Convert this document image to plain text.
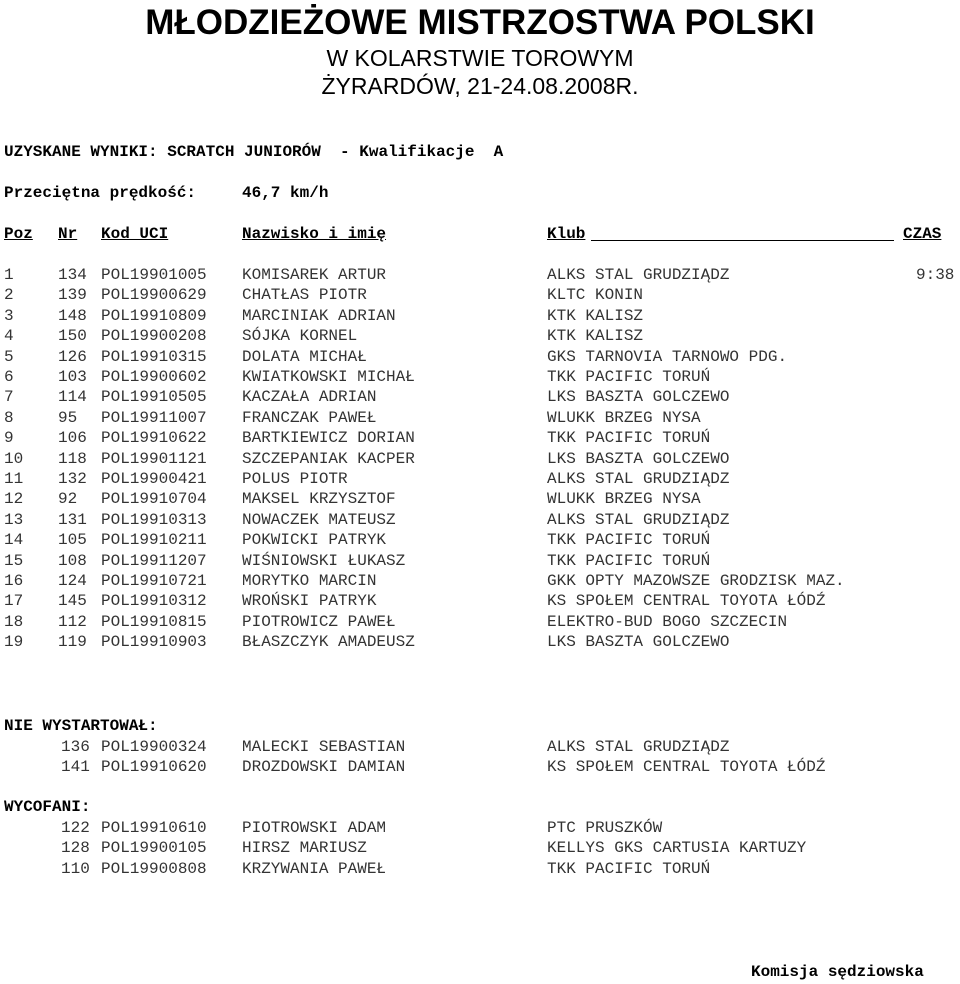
MŁODZIEŻOWE MISTRZOSTWA POLSKI
W KOLARSTWIE TOROWYM
ŻYRARDÓW, 21-24.08.2008R.
UZYSKANE WYNIKI: SCRATCH JUNIORÓW  - Kwalifikacje  A
Przeciętna prędkość:	46,7 km/h
Poz Nr Kod UCI	Nazwisko i imię	Klub	CZAS
1	134 POL19901005 KOMISAREK ARTUR	ALKS STAL GRUDZIĄDZ	9:38
2	139 POL19900629 CHATŁAS PIOTR	KLTC KONIN
3	148 POL19910809 MARCINIAK ADRIAN	KTK KALISZ
4	150 POL19900208 SÓJKA KORNEL	KTK KALISZ
5	126 POL19910315 DOLATA MICHAŁ	GKS TARNOVIA TARNOWO PDG.
6	103 POL19900602 KWIATKOWSKI MICHAŁ	TKK PACIFIC TORUŃ
7	114 POL19910505 KACZAŁA ADRIAN	LKS BASZTA GOLCZEWO
8	95 POL19911007 FRANCZAK PAWEŁ	WLUKK BRZEG NYSA
9	106 POL19910622 BARTKIEWICZ DORIAN	TKK PACIFIC TORUŃ
10 118 POL19901121 SZCZEPANIAK KACPER	LKS BASZTA GOLCZEWO
11 132 POL19900421 POLUS PIOTR	ALKS STAL GRUDZIĄDZ
12 92 POL19910704 MAKSEL KRZYSZTOF	WLUKK BRZEG NYSA
13 131 POL19910313 NOWACZEK MATEUSZ	ALKS STAL GRUDZIĄDZ
14 105 POL19910211 POKWICKI PATRYK	TKK PACIFIC TORUŃ
15 108 POL19911207 WIŚNIOWSKI ŁUKASZ	TKK PACIFIC TORUŃ
16 124 POL19910721 MORYTKO MARCIN	GKK OPTY MAZOWSZE GRODZISK MAZ.
17 145 POL19910312 WROŃSKI PATRYK	KS SPOŁEM CENTRAL TOYOTA ŁÓDŹ
18 112 POL19910815 PIOTROWICZ PAWEŁ	ELEKTRO-BUD BOGO SZCZECIN
19 119 POL19910903 BŁASZCZYK AMADEUSZ	LKS BASZTA GOLCZEWO
NIE WYSTARTOWAŁ:
136 POL19900324 MALECKI SEBASTIAN	ALKS STAL GRUDZIĄDZ
141 POL19910620 DROZDOWSKI DAMIAN	KS SPOŁEM CENTRAL TOYOTA ŁÓDŹ
WYCOFANI:
122 POL19910610 PIOTROWSKI ADAM	PTC PRUSZKÓW
128 POL19900105 HIRSZ MARIUSZ	KELLYS GKS CARTUSIA KARTUZY
110 POL19900808 KRZYWANIA PAWEŁ	TKK PACIFIC TORUŃ
Komisja sędziowska
